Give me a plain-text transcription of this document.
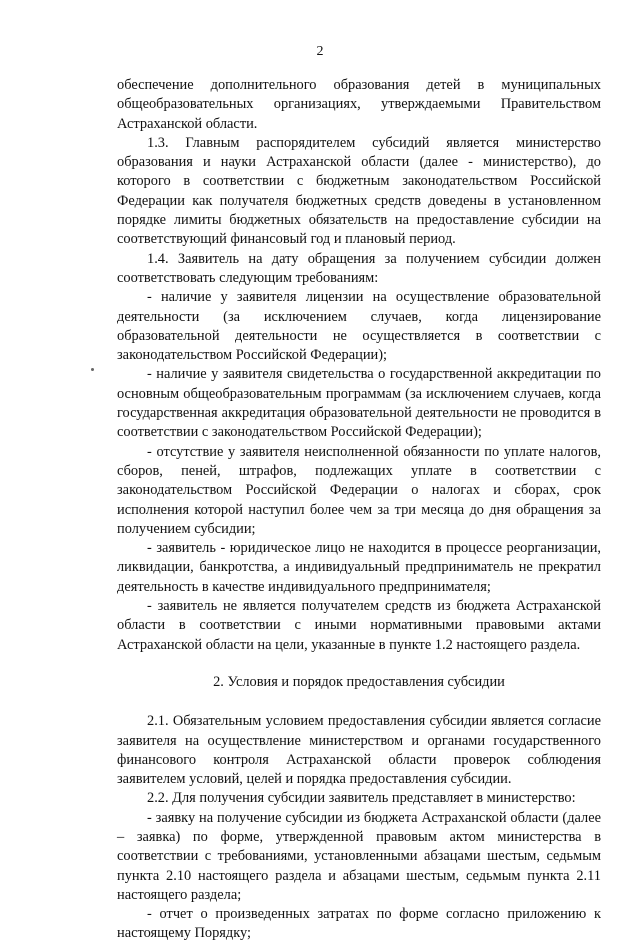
2

обеспечение дополнительного образования детей в муниципальных общеобразовательных организациях, утверждаемыми Правительством Астраханской области.

1.3. Главным распорядителем субсидий является министерство образования и науки Астраханской области (далее - министерство), до которого в соответствии с бюджетным законодательством Российской Федерации как получателя бюджетных средств доведены в установленном порядке лимиты бюджетных обязательств на предоставление субсидии на соответствующий финансовый год и плановый период.

1.4. Заявитель на дату обращения за получением субсидии должен соответствовать следующим требованиям:

- наличие у заявителя лицензии на осуществление образовательной деятельности (за исключением случаев, когда лицензирование образовательной деятельности не осуществляется в соответствии с законодательством Российской Федерации);

- наличие у заявителя свидетельства о государственной аккредитации по основным общеобразовательным программам (за исключением случаев, когда государственная аккредитация образовательной деятельности не проводится в соответствии с законодательством Российской Федерации);

- отсутствие у заявителя неисполненной обязанности по уплате налогов, сборов, пеней, штрафов, подлежащих уплате в соответствии с законодательством Российской Федерации о налогах и сборах, срок исполнения которой наступил более чем за три месяца до дня обращения за получением субсидии;

- заявитель - юридическое лицо не находится в процессе реорганизации, ликвидации, банкротства, а индивидуальный предприниматель не прекратил деятельность в качестве индивидуального предпринимателя;

- заявитель не является получателем средств из бюджета Астраханской области в соответствии с иными нормативными правовыми актами Астраханской области на цели, указанные в пункте 1.2 настоящего раздела.

2. Условия и порядок предоставления субсидии

2.1. Обязательным условием предоставления субсидии является согласие заявителя на осуществление министерством и органами государственного финансового контроля Астраханской области проверок соблюдения заявителем условий, целей и порядка предоставления субсидии.

2.2. Для получения субсидии заявитель представляет в министерство:

- заявку на получение субсидии из бюджета Астраханской области (далее – заявка) по форме, утвержденной правовым актом министерства в соответствии с требованиями, установленными абзацами шестым, седьмым пункта 2.10 настоящего раздела и абзацами шестым, седьмым пункта 2.11 настоящего раздела;

- отчет о произведенных затратах по форме согласно приложению к настоящему Порядку;
